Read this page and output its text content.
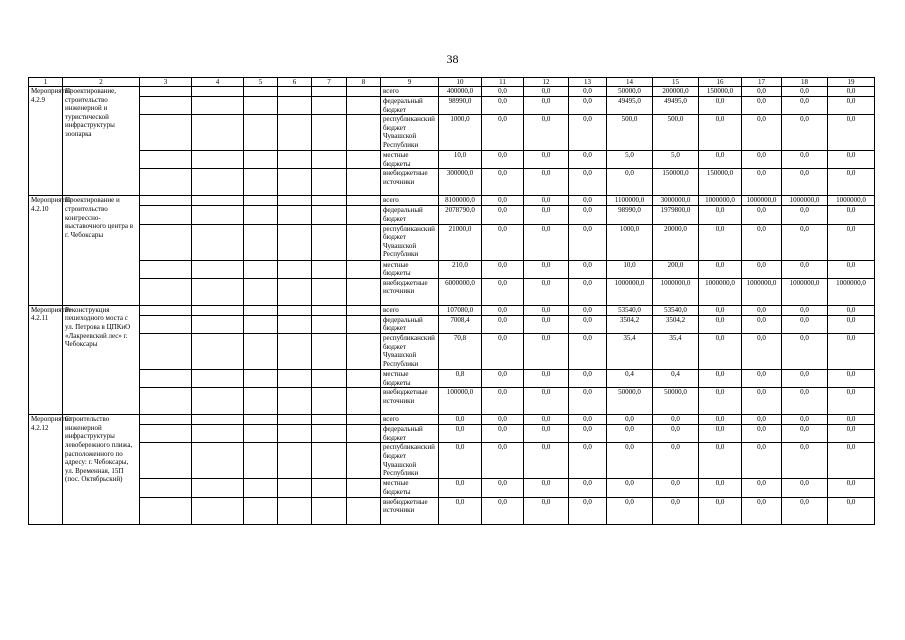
38
1	2	3	4	5	6	7	8	9	10	11	12	13	14	15	16	17	18	19
Мероприятие 4.2.9	Проектирование, строительство инженерной и туристической инфраструктуры зоопарка							всего	400000,0	0,0	0,0	0,0	50000,0	200000,0	150000,0	0,0	0,0	0,0
								федеральный бюджет	98990,0	0,0	0,0	0,0	49495,0	49495,0	0,0	0,0	0,0	0,0
								республиканский бюджет Чувашской Республики	1000,0	0,0	0,0	0,0	500,0	500,0	0,0	0,0	0,0	0,0
								местные бюджеты	10,0	0,0	0,0	0,0	5,0	5,0	0,0	0,0	0,0	0,0
								внебюджетные источники	300000,0	0,0	0,0	0,0	0,0	150000,0	150000,0	0,0	0,0	0,0
Мероприятие 4.2.10	Проектирование и строительство конгрессно-выставочного центра в г. Чебоксары							всего	8100000,0	0,0	0,0	0,0	1100000,0	3000000,0	1000000,0	1000000,0	1000000,0	1000000,0
								федеральный бюджет	2078790,0	0,0	0,0	0,0	98990,0	1979800,0	0,0	0,0	0,0	0,0
								республиканский бюджет Чувашской Республики	21000,0	0,0	0,0	0,0	1000,0	20000,0	0,0	0,0	0,0	0,0
								местные бюджеты	210,0	0,0	0,0	0,0	10,0	200,0	0,0	0,0	0,0	0,0
								внебюджетные источники	6000000,0	0,0	0,0	0,0	1000000,0	1000000,0	1000000,0	1000000,0	1000000,0	1000000,0
Мероприятие 4.2.11	Реконструкция пешеходного моста с ул. Петрова в ЦПКиО «Лакреевский лес» г. Чебоксары							всего	107080,0	0,0	0,0	0,0	53540,0	53540,0	0,0	0,0	0,0	0,0
								федеральный бюджет	7008,4	0,0	0,0	0,0	3504,2	3504,2	0,0	0,0	0,0	0,0
								республиканский бюджет Чувашской Республики	70,8	0,0	0,0	0,0	35,4	35,4	0,0	0,0	0,0	0,0
								местные бюджеты	0,8	0,0	0,0	0,0	0,4	0,4	0,0	0,0	0,0	0,0
								внебюджетные источники	100000,0	0,0	0,0	0,0	50000,0	50000,0	0,0	0,0	0,0	0,0
Мероприятие 4.2.12	Строительство инженерной инфраструктуры левобережного плижа, расположенного по адресу: г. Чебоксары, ул. Временная, 15П (пос. Октябрьский)							всего	0,0	0,0	0,0	0,0	0,0	0,0	0,0	0,0	0,0	0,0
								федеральный бюджет	0,0	0,0	0,0	0,0	0,0	0,0	0,0	0,0	0,0	0,0
								республиканский бюджет Чувашской Республики	0,0	0,0	0,0	0,0	0,0	0,0	0,0	0,0	0,0	0,0
								местные бюджеты	0,0	0,0	0,0	0,0	0,0	0,0	0,0	0,0	0,0	0,0
								внебюджетные источники	0,0	0,0	0,0	0,0	0,0	0,0	0,0	0,0	0,0	0,0
